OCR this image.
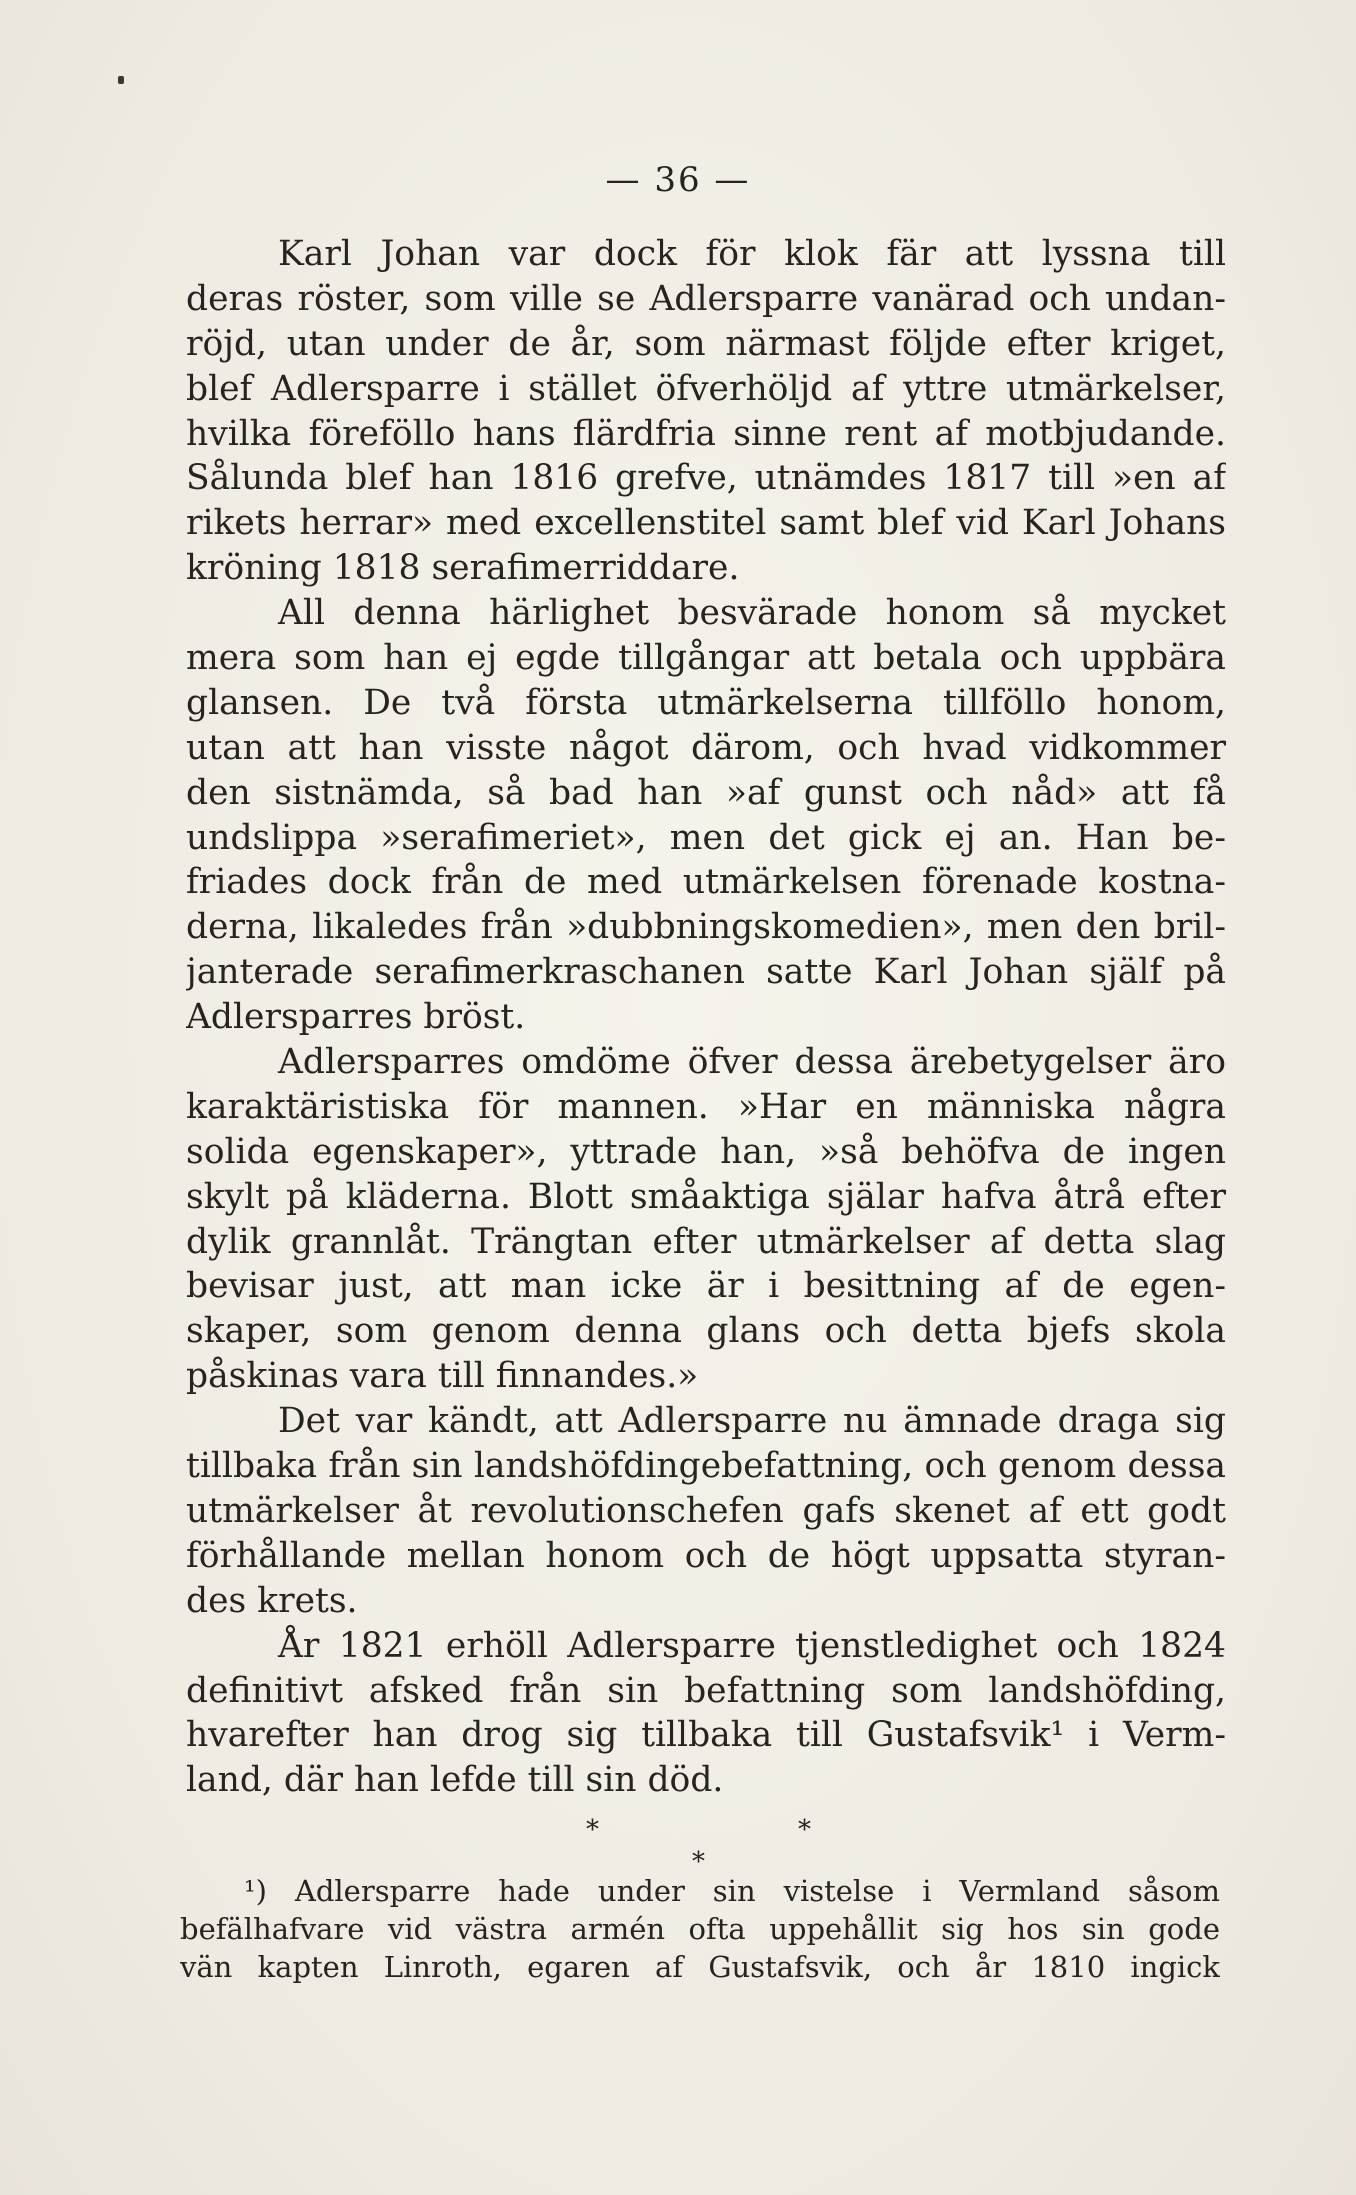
— 36 —
Karl Johan var dock för klok fär att lyssna till
deras röster, som ville se Adlersparre vanärad och undan-
röjd, utan under de år, som närmast följde efter kriget,
blef Adlersparre i stället öfverhöljd af yttre utmärkelser,
hvilka föreföllo hans flärdfria sinne rent af motbjudande.
Sålunda blef han 1816 grefve, utnämdes 1817 till »en af
rikets herrar» med excellenstitel samt blef vid Karl Johans
kröning 1818 serafimerriddare.
All denna härlighet besvärade honom så mycket
mera som han ej egde tillgångar att betala och uppbära
glansen. De två första utmärkelserna tillföllo honom,
utan att han visste något därom, och hvad vidkommer
den sistnämda, så bad han »af gunst och nåd» att få
undslippa »serafimeriet», men det gick ej an. Han be-
friades dock från de med utmärkelsen förenade kostna-
derna, likaledes från »dubbningskomedien», men den bril-
janterade serafimerkraschanen satte Karl Johan själf på
Adlersparres bröst.
Adlersparres omdöme öfver dessa ärebetygelser äro
karaktäristiska för mannen. »Har en människa några
solida egenskaper», yttrade han, »så behöfva de ingen
skylt på kläderna. Blott småaktiga själar hafva åtrå efter
dylik grannlåt. Trängtan efter utmärkelser af detta slag
bevisar just, att man icke är i besittning af de egen-
skaper, som genom denna glans och detta bjefs skola
påskinas vara till finnandes.»
Det var kändt, att Adlersparre nu ämnade draga sig
tillbaka från sin landshöfdingebefattning, och genom dessa
utmärkelser åt revolutionschefen gafs skenet af ett godt
förhållande mellan honom och de högt uppsatta styran-
des krets.
År 1821 erhöll Adlersparre tjenstledighet och 1824
definitivt afsked från sin befattning som landshöfding,
hvarefter han drog sig tillbaka till Gustafsvik¹ i Verm-
land, där han lefde till sin död.
*	*
*
¹) Adlersparre hade under sin vistelse i Vermland såsom
befälhafvare vid västra armén ofta uppehållit sig hos sin gode
vän kapten Linroth, egaren af Gustafsvik, och år 1810 ingick
